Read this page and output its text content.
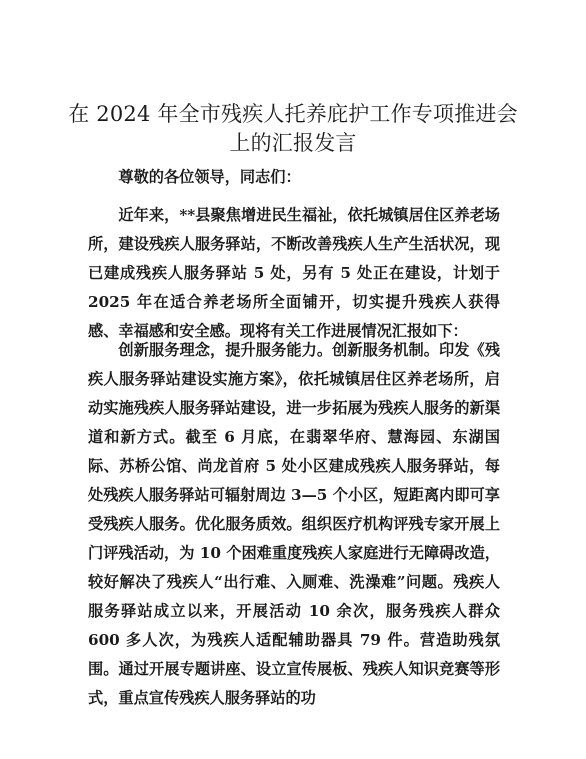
在 2024 年全市残疾人托养庇护工作专项推进会上的汇报发言

尊敬的各位领导，同志们：

近年来，**县聚焦增进民生福祉，依托城镇居住区养老场所，建设残疾人服务驿站，不断改善残疾人生产生活状况，现已建成残疾人服务驿站 5 处，另有 5 处正在建设，计划于 2025 年在适合养老场所全面铺开，切实提升残疾人获得感、幸福感和安全感。现将有关工作进展情况汇报如下：

创新服务理念，提升服务能力。创新服务机制。印发《残疾人服务驿站建设实施方案》，依托城镇居住区养老场所，启动实施残疾人服务驿站建设，进一步拓展为残疾人服务的新渠道和新方式。截至 6 月底，在翡翠华府、慧海园、东湖国际、苏桥公馆、尚龙首府 5 处小区建成残疾人服务驿站，每处残疾人服务驿站可辐射周边 3—5 个小区，短距离内即可享受残疾人服务。优化服务质效。组织医疗机构评残专家开展上门评残活动，为 10 个困难重度残疾人家庭进行无障碍改造，较好解决了残疾人“出行难、入厕难、洗澡难”问题。残疾人服务驿站成立以来，开展活动 10 余次，服务残疾人群众 600 多人次，为残疾人适配辅助器具 79 件。营造助残氛围。通过开展专题讲座、设立宣传展板、残疾人知识竞赛等形式，重点宣传残疾人服务驿站的功
